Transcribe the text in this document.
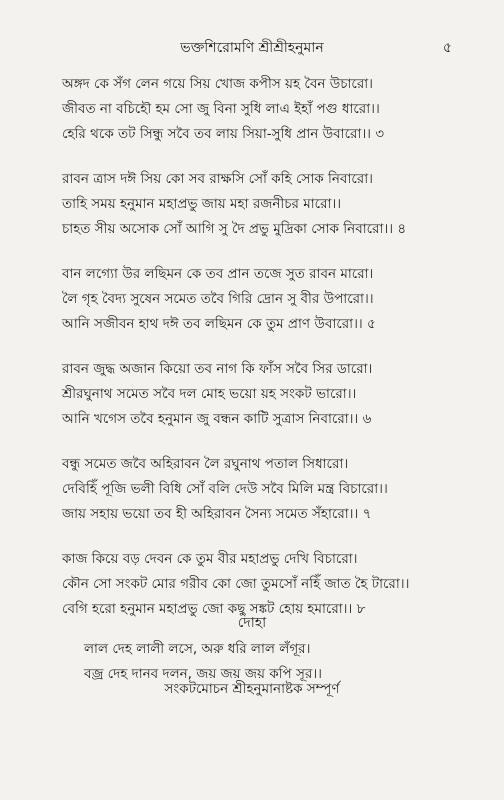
ভক্তশিরোমণি শ্রীশ্রীহনুমান	৫
অঙ্গদ কে সঁগ লেন গয়ে সিয় খোজ কপীস য়হ বৈন উচারো।
জীবত না বচিহৌ হম সো জু বিনা সুধি লাএ ইহাঁ পগু ধারো।।
হেরি থকে তট সিন্ধু সবৈ তব লায় সিয়া-সুধি প্রান উবারো।। ৩
রাবন ত্রাস দঈ সিয় কো সব রাক্ষসি সোঁ কহি সোক নিবারো।
তাহি সময় হনুমান মহাপ্রভু জায় মহা রজনীচর মারো।।
চাহত সীয় অসোক সোঁ আগি সু দৈ প্রভু মুদ্রিকা সোক নিবারো।। ৪
বান লগ্যো উর লছিমন কে তব প্রান তজে সুত রাবন মারো।
লৈ গৃহ বৈদ্য সুষেন সমেত তবৈ গিরি দ্রোন সু বীর উপারো।।
আনি সজীবন হাথ দঈ তব লছিমন কে তুম প্রাণ উবারো।। ৫
রাবন জুদ্ধ অজান কিয়ো তব নাগ কি ফাঁস সবৈ সির ডারো।
শ্রীরঘুনাথ সমেত সবৈ দল মোহ ভয়ো য়হ সংকট ভারো।।
আনি খগেস তবৈ হনুমান জু বন্ধন কাটি সুত্রাস নিবারো।। ৬
বন্ধু সমেত জবৈ অহিরাবন লৈ রঘুনাথ পতাল সিধারো।
দেবিহিঁ পূজি ভলী বিধি সোঁ বলি দেউ সবৈ মিলি মন্ত্র বিচারো।।
জায় সহায় ভয়ো তব হী অহিরাবন সৈন্য সমেত সঁহারো।। ৭
কাজ কিয়ে বড় দেবন কে তুম বীর মহাপ্রভু দেখি বিচারো।
কৌন সো সংকট মোর গরীব কো জো তুমসোঁ নহিঁ জাত হৈ টারো।।
বেগি হরো হনুমান মহাপ্রভু জো কছু সঙ্কট হোয় হমারো।। ৮
দোহা
লাল দেহ লালী লসে, অরু ধরি লাল লঁগূর।
বজ্র দেহ দানব দলন, জয় জয় জয় কপি সূর।।
সংকটমোচন শ্রীহনুমানাষ্টক সম্পূর্ণ
